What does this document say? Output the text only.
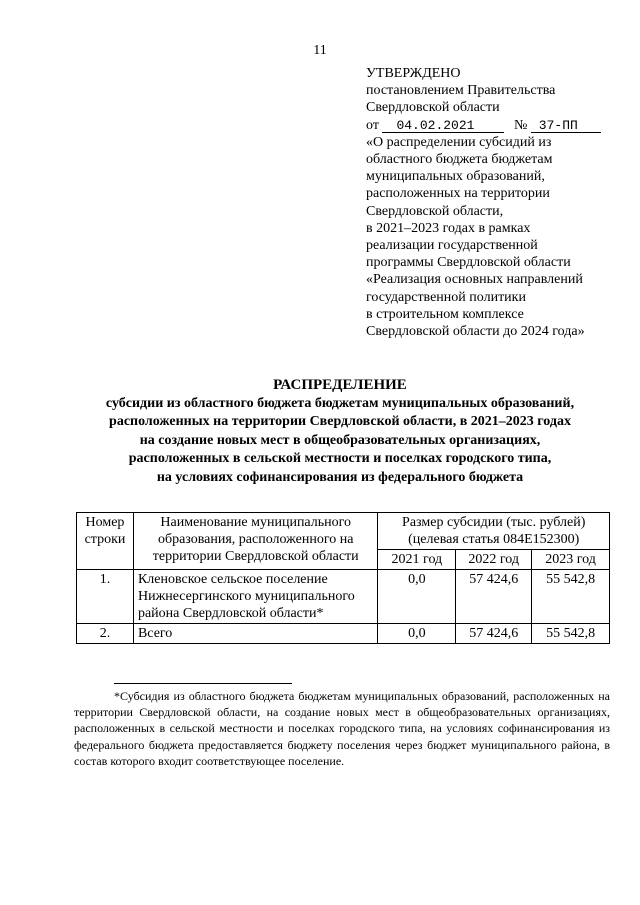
11
УТВЕРЖДЕНО
постановлением Правительства
Свердловской области
от 04.02.2021	№ 37-ПП
«О распределении субсидий из
областного бюджета бюджетам
муниципальных образований,
расположенных на территории
Свердловской области,
в 2021–2023 годах в рамках
реализации государственной
программы Свердловской области
«Реализация основных направлений
государственной политики
в строительном комплексе
Свердловской области до 2024 года»
РАСПРЕДЕЛЕНИЕ
субсидии из областного бюджета бюджетам муниципальных образований,
расположенных на территории Свердловской области, в 2021–2023 годах
на создание новых мест в общеобразовательных организациях,
расположенных в сельской местности и поселках городского типа,
на условиях софинансирования из федерального бюджета
Номер строки	Наименование муниципального образования, расположенного на территории Свердловской области	Размер субсидии (тыс. рублей) (целевая статья 084E152300)		
		2021 год	2022 год	2023 год
1.	Кленовское сельское поселение Нижнесергинского муниципального района Свердловской области*	0,0	57 424,6	55 542,8
2.	Всего	0,0	57 424,6	55 542,8
*Субсидия из областного бюджета бюджетам муниципальных образований, расположенных на территории Свердловской области, на создание новых мест в общеобразовательных организациях, расположенных в сельской местности и поселках городского типа, на условиях софинансирования из федерального бюджета предоставляется бюджету поселения через бюджет муниципального района, в состав которого входит соответствующее поселение.
